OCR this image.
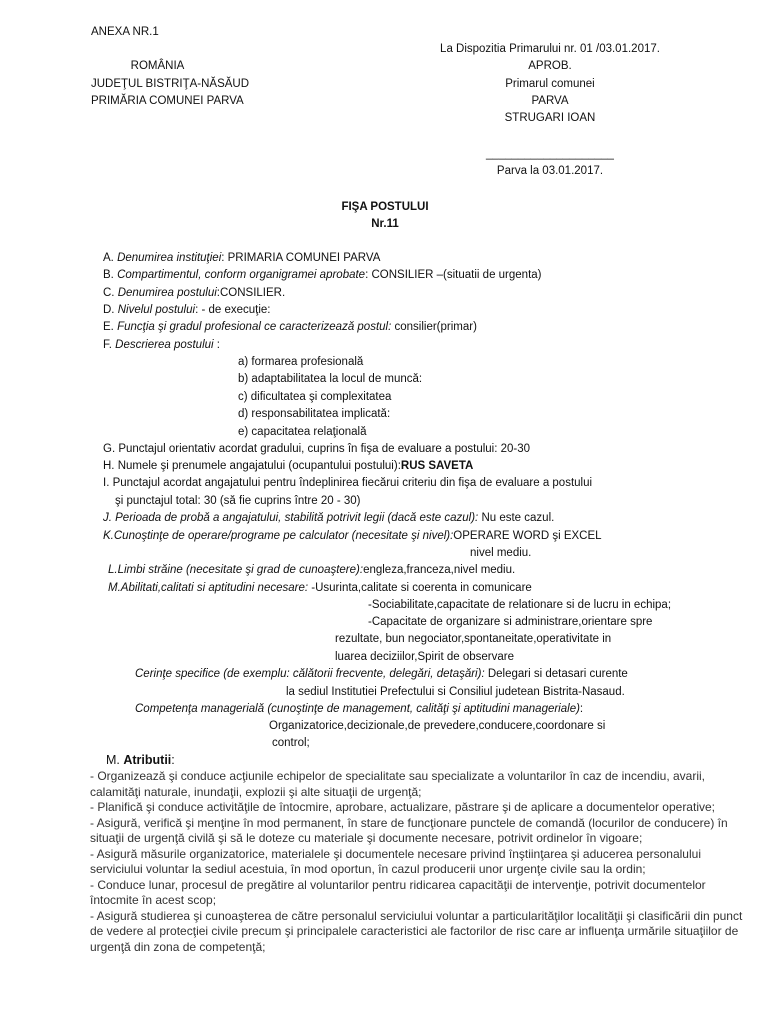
ANEXA NR.1
ROMÂNIA
JUDEŢUL BISTRIŢA-NĂSĂUD
PRIMĂRIA COMUNEI PARVA
La Dispozitia Primarului nr. 01 /03.01.2017.
APROB.
Primarul comunei
PARVA
STRUGARI IOAN
____________________
Parva la 03.01.2017.
FIŞA POSTULUI
Nr.11
A. Denumirea instituţiei: PRIMARIA COMUNEI PARVA
B. Compartimentul, conform organigramei aprobate: CONSILIER –(situatii de urgenta)
C. Denumirea postului:CONSILIER.
D. Nivelul postului: - de execuţie:
E. Funcţia şi gradul profesional ce caracterizează postul: consilier(primar)
F. Descrierea postului :
a) formarea profesională
b) adaptabilitatea la locul de muncă:
c) dificultatea şi complexitatea
d) responsabilitatea implicată:
e) capacitatea relaţională
G. Punctajul orientativ acordat gradului, cuprins în fişa de evaluare a postului: 20-30
H. Numele şi prenumele angajatului (ocupantului postului):RUS SAVETA
I. Punctajul acordat angajatului pentru îndeplinirea fiecărui criteriu din fişa de evaluare a postului
şi punctajul total: 30 (să fie cuprins între 20 - 30)
J. Perioada de probă a angajatului, stabilită potrivit legii (dacă este cazul): Nu este cazul.
K.Cunoştinţe de operare/programe pe calculator (necesitate şi nivel):OPERARE WORD şi EXCEL
nivel mediu.
L.Limbi străine (necesitate şi grad de cunoaştere):engleza,franceza,nivel mediu.
M.Abilitati,calitati si aptitudini necesare: -Usurinta,calitate si coerenta in comunicare
-Sociabilitate,capacitate de relationare si de lucru in echipa;
-Capacitate de organizare si administrare,orientare spre
rezultate, bun negociator,spontaneitate,operativitate in
luarea deciziilor,Spirit de observare
Cerinţe specifice (de exemplu: călătorii frecvente, delegări, detaşări): Delegari si detasari curente
la sediul Institutiei Prefectului si Consiliul judetean Bistrita-Nasaud.
Competenţa managerială (cunoştinţe de management, calităţi şi aptitudini manageriale):
Organizatorice,decizionale,de prevedere,conducere,coordonare si
control;
M. Atributii:

- Organizează şi conduce acţiunile echipelor de specialitate sau specializate a voluntarilor în caz de incendiu, avarii, calamităţi naturale, inundaţii, explozii şi alte situaţii de urgenţă;

- Planifică şi conduce activităţile de întocmire, aprobare, actualizare, păstrare şi de aplicare a documentelor operative;

- Asigură, verifică şi menţine în mod permanent, în stare de funcţionare punctele de comandă (locurilor de conducere) în situaţii de urgenţă civilă şi să le doteze cu materiale şi documente necesare, potrivit ordinelor în vigoare;

- Asigură măsurile organizatorice, materialele şi documentele necesare privind înştiinţarea şi aducerea personalului serviciului voluntar la sediul acestuia, în mod oportun, în cazul producerii unor urgenţe civile sau la ordin;

- Conduce lunar, procesul de pregătire al voluntarilor pentru ridicarea capacităţii de intervenţie, potrivit documentelor întocmite în acest scop;

- Asigură studierea şi cunoaşterea de către personalul serviciului voluntar a particularităţilor localităţii şi clasificării din punct de vedere al protecţiei civile precum şi principalele caracteristici ale factorilor de risc care ar influenţa urmările situaţiilor de urgenţă din zona de competenţă;
